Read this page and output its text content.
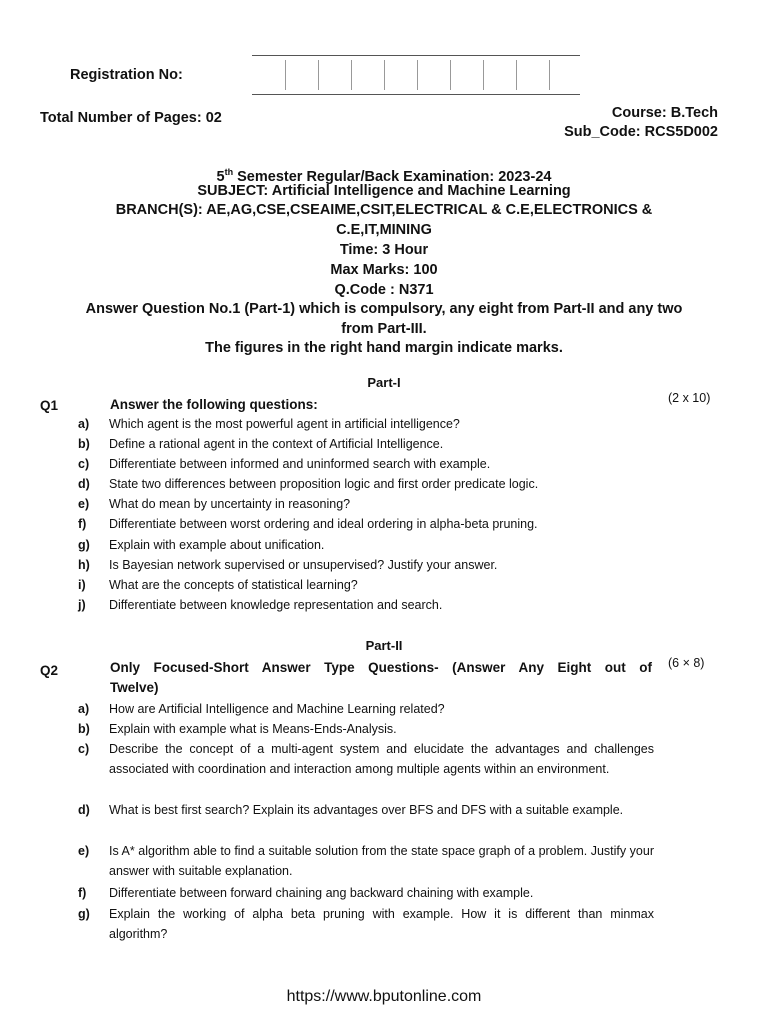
Registration No:
Total Number of Pages: 02	Course: B.Tech
Sub_Code: RCS5D002
5th Semester Regular/Back Examination: 2023-24
SUBJECT: Artificial Intelligence and Machine Learning
BRANCH(S): AE,AG,CSE,CSEAIME,CSIT,ELECTRICAL & C.E,ELECTRONICS &
C.E,IT,MINING
Time: 3 Hour
Max Marks: 100
Q.Code : N371
Answer Question No.1 (Part-1) which is compulsory, any eight from Part-II and any two
from Part-III.
The figures in the right hand margin indicate marks.
Part-I
Q1	Answer the following questions:	(2 x 10)
a)	Which agent is the most powerful agent in artificial intelligence?
b)	Define a rational agent in the context of Artificial Intelligence.
c)	Differentiate between informed and uninformed search with example.
d)	State two differences between proposition logic and first order predicate logic.
e)	What do mean by uncertainty in reasoning?
f)	Differentiate between worst ordering and ideal ordering in alpha-beta pruning.
g)	Explain with example about unification.
h)	Is Bayesian network supervised or unsupervised? Justify your answer.
i)	What are the concepts of statistical learning?
j)	Differentiate between knowledge representation and search.
Part-II
Q2	Only Focused-Short Answer Type Questions- (Answer Any Eight out of
Twelve)
(6 × 8)
a)	How are Artificial Intelligence and Machine Learning related?
b)	Explain with example what is Means-Ends-Analysis.
c)	Describe the concept of a multi-agent system and elucidate the advantages and challenges associated with coordination and interaction among multiple agents within an environment.
d)	What is best first search? Explain its advantages over BFS and DFS with a suitable example.
e)	Is A* algorithm able to find a suitable solution from the state space graph of a problem. Justify your answer with suitable explanation.
f)	Differentiate between forward chaining ang backward chaining with example.
g)	Explain the working of alpha beta pruning with example. How it is different than minmax algorithm?
https://www.bputonline.com
